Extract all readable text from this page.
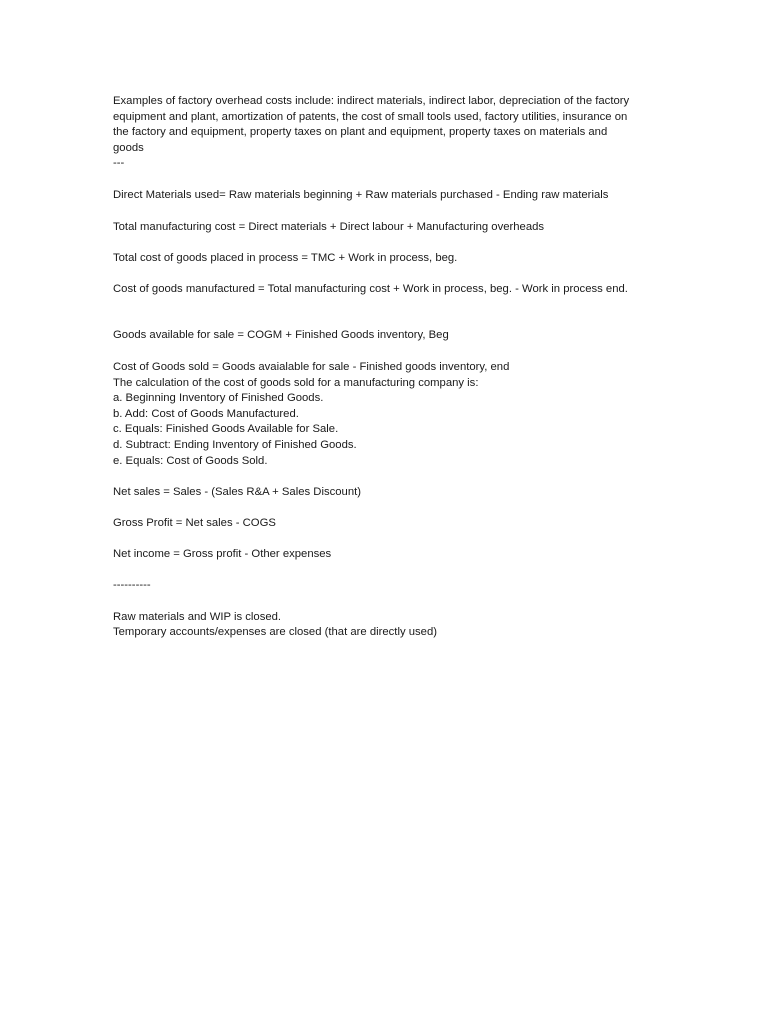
Examples of factory overhead costs include: indirect materials, indirect labor, depreciation of the factory
equipment and plant, amortization of patents, the cost of small tools used, factory utilities, insurance on
the factory and equipment, property taxes on plant and equipment, property taxes on materials and
goods
---
Direct Materials used= Raw materials beginning + Raw materials purchased - Ending raw materials
Total manufacturing cost = Direct materials + Direct labour + Manufacturing overheads
Total cost of goods placed in process = TMC + Work in process, beg.
Cost of goods manufactured = Total manufacturing cost + Work in process, beg. - Work in process end.
Goods available for sale = COGM + Finished Goods inventory, Beg
Cost of Goods sold = Goods avaialable for sale - Finished goods inventory, end
The calculation of the cost of goods sold for a manufacturing company is:
a. Beginning Inventory of Finished Goods.
b. Add: Cost of Goods Manufactured.
c. Equals: Finished Goods Available for Sale.
d. Subtract: Ending Inventory of Finished Goods.
e. Equals: Cost of Goods Sold.
Net sales = Sales - (Sales R&A + Sales Discount)
Gross Profit = Net sales - COGS
Net income = Gross profit - Other expenses
----------
Raw materials and WIP is closed.
Temporary accounts/expenses are closed (that are directly used)
